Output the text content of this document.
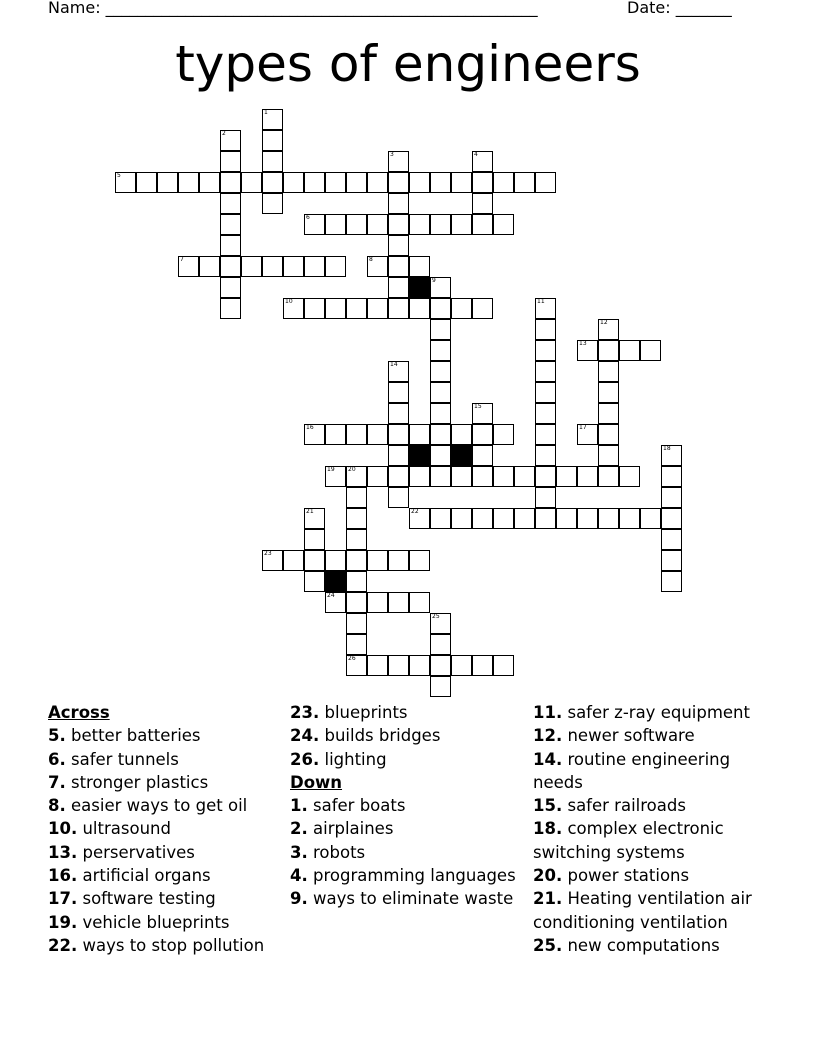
Name: ______________________________________________________	Date: _______
types of engineers
1
2
3	4
5
6
7	8
9
10	11
12
13
14
15
16	17
18
19 20
26
22
21
23
24
25
Across
5. better batteries
6. safer tunnels
7. stronger plastics
8. easier ways to get oil
10. ultrasound
13. perservatives
16. artificial organs
17. software testing
19. vehicle blueprints
22. ways to stop pollution
23. blueprints
24. builds bridges
26. lighting
Down
1. safer boats
2. airplaines
3. robots
4. programming languages
9. ways to eliminate waste
11. safer z-ray equipment
12. newer software
14. routine engineering needs
15. safer railroads
18. complex electronic switching systems
20. power stations
21. Heating ventilation air conditioning ventilation
25. new computations
